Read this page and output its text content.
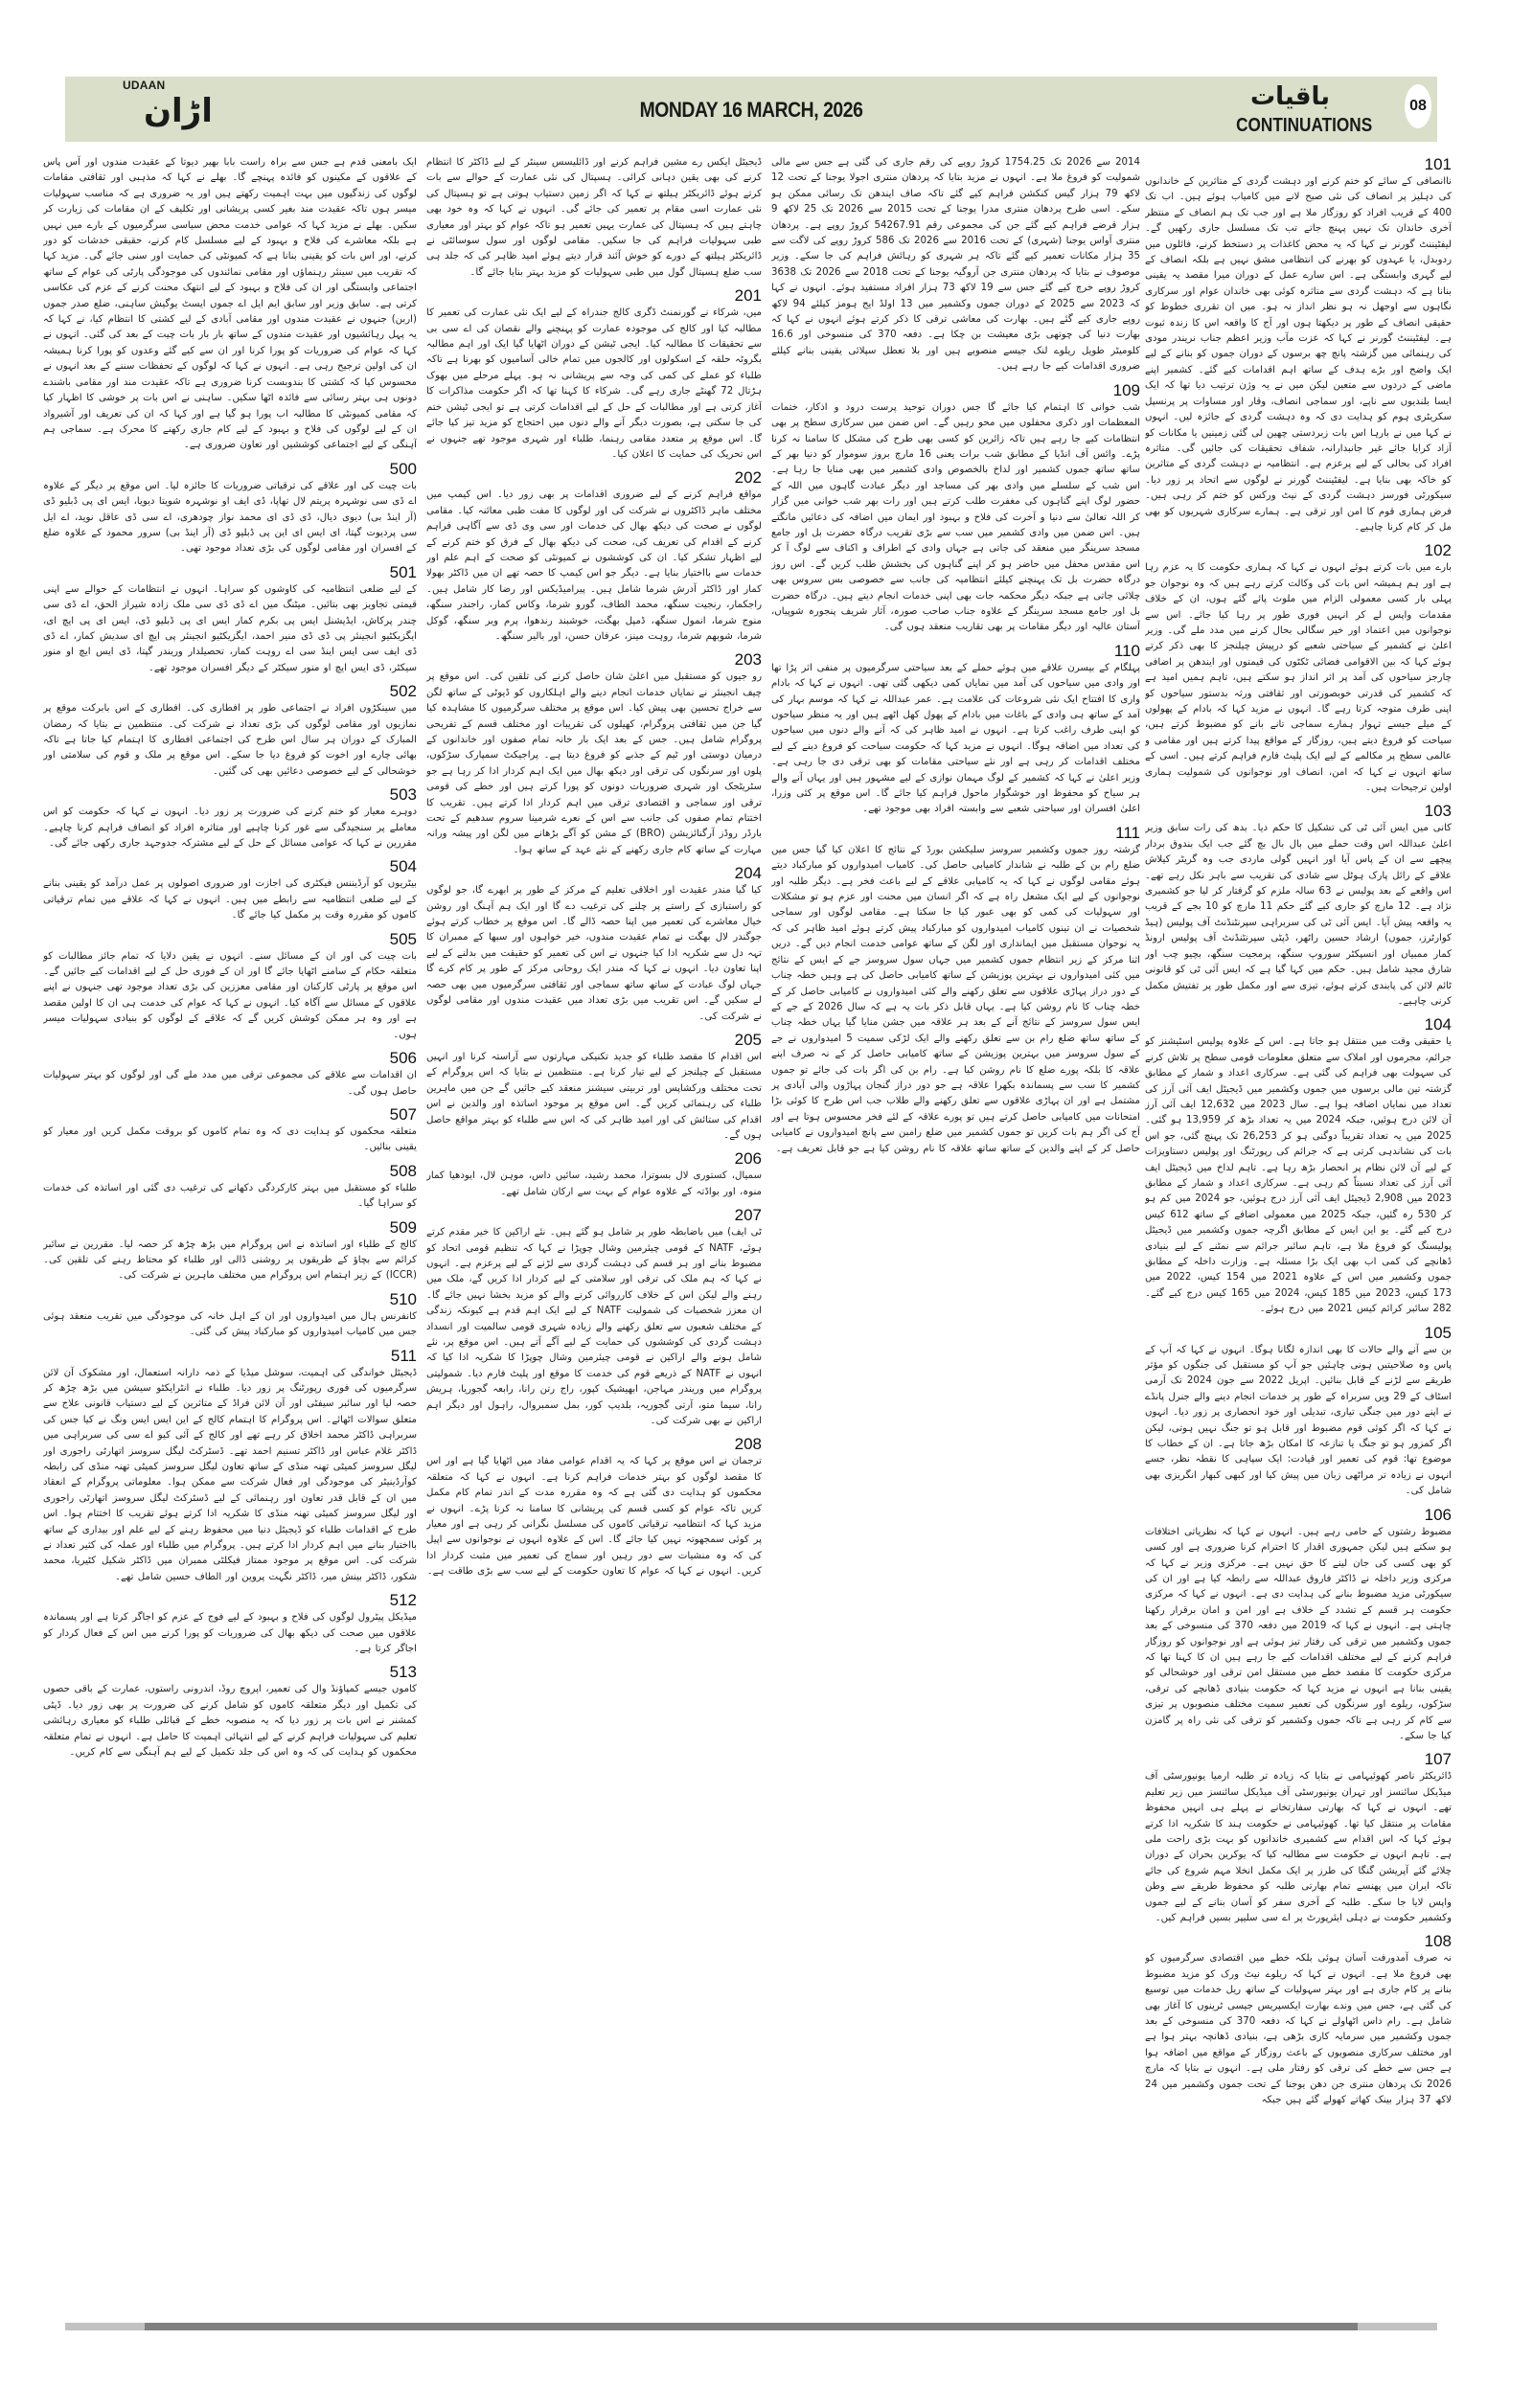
UDAAN
اڑان	MONDAY 16 MARCH, 2026	باقیات
CONTINUATIONS
08

ایک بامعنی قدم ہے جس سے براہ راست بابا بھیر دیوتا کے عقیدت مندوں اور آس پاس کے علاقوں کے مکینوں کو فائدہ پہنچے گا۔ بھلے نے کہا کہ مذہبی اور ثقافتی مقامات لوگوں کی زندگیوں میں بہت اہمیت رکھتے ہیں اور یہ ضروری ہے کہ مناسب سہولیات میسر ہوں تاکہ عقیدت مند بغیر کسی پریشانی اور تکلیف کے ان مقامات کی زیارت کر سکیں۔ بھلے نے مزید کہا کہ عوامی خدمت محض سیاسی سرگرمیوں کے بارے میں نہیں ہے بلکہ معاشرے کی فلاح و بہبود کے لیے مسلسل کام کرنے، حقیقی خدشات کو دور کرنے، اور اس بات کو یقینی بنانا ہے کہ کمیونٹی کی حمایت اور سنی جائے گی۔ مزید کہا کہ تقریب میں سینئر رہنماؤں اور مقامی نمائندوں کی موجودگی پارٹی کی عوام کے ساتھ اجتماعی وابستگی اور ان کی فلاح و بہبود کے لیے انتھک محنت کرنے کے عزم کی عکاسی کرتی ہے۔ سابق وزیر اور سابق ایم ایل اے جموں ایسٹ یوگیش ساہنی، ضلع صدر جموں (اربن) جنہوں نے عقیدت مندوں اور مقامی آبادی کے لیے کشتی کا انتظام کیا، نے کہا کہ یہ پہل رہائشیوں اور عقیدت مندوں کے ساتھ بار بار بات چیت کے بعد کی گئی۔ انہوں نے کہا کہ عوام کی ضروریات کو پورا کرنا اور ان سے کیے گئے وعدوں کو پورا کرنا ہمیشہ ان کی اولین ترجیح رہی ہے۔ انہوں نے کہا کہ لوگوں کے تحفظات سننے کے بعد انہوں نے محسوس کیا کہ کشتی کا بندوبست کرنا ضروری ہے تاکہ عقیدت مند اور مقامی باشندے دونوں ہی بہتر رسائی سے فائدہ اٹھا سکیں۔ ساہنی نے اس بات پر خوشی کا اظہار کیا کہ مقامی کمیونٹی کا مطالبہ اب پورا ہو گیا ہے اور کہا کہ ان کی تعریف اور آشیرواد ان کے لیے لوگوں کی فلاح و بہبود کے لیے کام جاری رکھنے کا محرک ہے۔ سماجی ہم آہنگی کے لیے اجتماعی کوششیں اور تعاون ضروری ہے۔

500

بات چیت کی اور علاقے کی ترقیاتی ضروریات کا جائزہ لیا۔ اس موقع پر دیگر کے علاوہ اے ڈی سی نوشہرہ پریتم لال تھاپا، ڈی ایف او نوشہرہ شویتا دیویا، ایس ای پی ڈبلیو ڈی (آر اینڈ بی) دیوی دیال، ڈی ڈی ای محمد نواز چودھری، اے سی ڈی عاقل نوید، اے ایل سی پردیوت گپتا، ای ایس ای این پی ڈبلیو ڈی (آر اینڈ بی) سرور محمود کے علاوہ ضلع کے افسران اور مقامی لوگوں کی بڑی تعداد موجود تھی۔

501

کے لیے ضلعی انتظامیہ کی کاوشوں کو سراہا۔ انہوں نے انتظامات کے حوالے سے اپنی قیمتی تجاویز بھی بتائیں۔ میٹنگ میں اے ڈی ڈی سی ملک زادہ شیراز الحق، اے ڈی سی چندر پرکاش، ایڈیشنل ایس پی بکرم کمار ایس ای پی ڈبلیو ڈی، ایس ای پی ایچ ای، ایگزیکٹیو انجینئر پی ڈی ڈی منیر احمد، ایگزیکٹیو انجینئر پی ایچ ای سدیش کمار، اے ڈی ڈی ایف سی ایس اینڈ سی اے روہت کمار، تحصیلدار وریندر گپتا، ڈی ایس ایچ او منور سیکٹر، ڈی ایس ایچ او منور سیکٹر کے دیگر افسران موجود تھے۔

502

میں سینکڑوں افراد نے اجتماعی طور پر افطاری کی۔ افطاری کے اس بابرکت موقع پر نمازیوں اور مقامی لوگوں کی بڑی تعداد نے شرکت کی۔ منتظمین نے بتایا کہ رمضان المبارک کے دوران ہر سال اس طرح کی اجتماعی افطاری کا اہتمام کیا جاتا ہے تاکہ بھائی چارے اور اخوت کو فروغ دیا جا سکے۔ اس موقع پر ملک و قوم کی سلامتی اور خوشحالی کے لیے خصوصی دعائیں بھی کی گئیں۔

503

دوہرے معیار کو ختم کرنے کی ضرورت پر زور دیا۔ انہوں نے کہا کہ حکومت کو اس معاملے پر سنجیدگی سے غور کرنا چاہیے اور متاثرہ افراد کو انصاف فراہم کرنا چاہیے۔ مقررین نے کہا کہ عوامی مسائل کے حل کے لیے مشترکہ جدوجہد جاری رکھی جائے گی۔

504

بیٹریوں کو آرڈیننس فیکٹری کی اجازت اور ضروری اصولوں پر عمل درآمد کو یقینی بنانے کے لیے ضلعی انتظامیہ سے رابطے میں ہیں۔ انہوں نے کہا کہ علاقے میں تمام ترقیاتی کاموں کو مقررہ وقت پر مکمل کیا جائے گا۔

505

بات چیت کی اور ان کے مسائل سنے۔ انہوں نے یقین دلایا کہ تمام جائز مطالبات کو متعلقہ حکام کے سامنے اٹھایا جائے گا اور ان کے فوری حل کے لیے اقدامات کیے جائیں گے۔ اس موقع پر پارٹی کارکنان اور مقامی معززین کی بڑی تعداد موجود تھی جنہوں نے اپنے علاقوں کے مسائل سے آگاہ کیا۔ انہوں نے کہا کہ عوام کی خدمت ہی ان کا اولین مقصد ہے اور وہ ہر ممکن کوشش کریں گے کہ علاقے کے لوگوں کو بنیادی سہولیات میسر ہوں۔

506

ان اقدامات سے علاقے کی مجموعی ترقی میں مدد ملے گی اور لوگوں کو بہتر سہولیات حاصل ہوں گی۔

507

متعلقہ محکموں کو ہدایت دی کہ وہ تمام کاموں کو بروقت مکمل کریں اور معیار کو یقینی بنائیں۔

508

طلباء کو مستقبل میں بہتر کارکردگی دکھانے کی ترغیب دی گئی اور اساتذہ کی خدمات کو سراہا گیا۔

509

کالج کے طلباء اور اساتذہ نے اس پروگرام میں بڑھ چڑھ کر حصہ لیا۔ مقررین نے سائبر کرائم سے بچاؤ کے طریقوں پر روشنی ڈالی اور طلباء کو محتاط رہنے کی تلقین کی۔ (ICCR) کے زیر اہتمام اس پروگرام میں مختلف ماہرین نے شرکت کی۔

510

کانفرنس ہال میں امیدواروں اور ان کے اہل خانہ کی موجودگی میں تقریب منعقد ہوئی جس میں کامیاب امیدواروں کو مبارکباد پیش کی گئی۔

511

ڈیجیٹل خواندگی کی اہمیت، سوشل میڈیا کے ذمہ دارانہ استعمال، اور مشکوک آن لائن سرگرمیوں کی فوری رپورٹنگ پر زور دیا۔ طلباء نے انٹرایکٹو سیشن میں بڑھ چڑھ کر حصہ لیا اور سائبر سیفٹی اور آن لائن فراڈ کے متاثرین کے لیے دستیاب قانونی علاج سے متعلق سوالات اٹھائے۔ اس پروگرام کا اہتمام کالج کے این ایس ایس ونگ نے کیا جس کی سربراہی ڈاکٹر محمد اخلاق کر رہے تھے اور کالج کے آئی کیو اے سی کی سربراہی میں ڈاکٹر غلام عباس اور ڈاکٹر تسنیم احمد تھے۔ ڈسٹرکٹ لیگل سروسز اتھارٹی راجوری اور لیگل سروسز کمیٹی تھنہ منڈی کے ساتھ تعاون لیگل سروسز کمیٹی تھنہ منڈی کی رابطہ کوآرڈینیٹر کی موجودگی اور فعال شرکت سے ممکن ہوا۔ معلوماتی پروگرام کے انعقاد میں ان کے قابل قدر تعاون اور رہنمائی کے لیے ڈسٹرکٹ لیگل سروسز اتھارٹی راجوری اور لیگل سروسز کمیٹی تھنہ منڈی کا شکریہ ادا کرتے ہوئے تقریب کا اختتام ہوا۔ اس طرح کے اقدامات طلباء کو ڈیجیٹل دنیا میں محفوظ رہنے کے لیے علم اور بیداری کے ساتھ بااختیار بنانے میں اہم کردار ادا کرتے ہیں۔ پروگرام میں طلباء اور عملہ کی کثیر تعداد نے شرکت کی۔ اس موقع پر موجود ممتاز فیکلٹی ممبران میں ڈاکٹر شکیل کٹیریا، محمد شکور، ڈاکٹر بینش میر، ڈاکٹر نگہت پروین اور الطاف حسین شامل تھے۔

512

میڈیکل پیٹرول لوگوں کی فلاح و بہبود کے لیے فوج کے عزم کو اجاگر کرتا ہے اور پسماندہ علاقوں میں صحت کی دیکھ بھال کی ضروریات کو پورا کرنے میں اس کے فعال کردار کو اجاگر کرتا ہے۔

513

کاموں جیسے کمپاؤنڈ وال کی تعمیر، اپروچ روڈ، اندرونی راستوں، عمارت کے باقی حصوں کی تکمیل اور دیگر متعلقہ کاموں کو شامل کرنے کی ضرورت پر بھی زور دیا۔ ڈپٹی کمشنر نے اس بات پر زور دیا کہ یہ منصوبہ خطے کے قبائلی طلباء کو معیاری رہائشی تعلیم کی سہولیات فراہم کرنے کے لیے انتہائی اہمیت کا حامل ہے۔ انہوں نے تمام متعلقہ محکموں کو ہدایت کی کہ وہ اس کی جلد تکمیل کے لیے ہم آہنگی سے کام کریں۔

ڈیجیٹل ایکس رے مشین فراہم کرنے اور ڈائلیسس سینٹر کے لیے ڈاکٹر کا انتظام کرنے کی بھی یقین دہانی کرائی۔ ہسپتال کی نئی عمارت کے حوالے سے بات کرتے ہوئے ڈائریکٹر ہیلتھ نے کہا کہ اگر زمین دستیاب ہوتی ہے تو ہسپتال کی نئی عمارت اسی مقام پر تعمیر کی جائے گی۔ انہوں نے کہا کہ وہ خود بھی چاہتے ہیں کہ ہسپتال کی عمارت یہیں تعمیر ہو تاکہ عوام کو بہتر اور معیاری طبی سہولیات فراہم کی جا سکیں۔ مقامی لوگوں اور سول سوسائٹی نے ڈائریکٹر ہیلتھ کے دورے کو خوش آئند قرار دیتے ہوئے امید ظاہر کی کہ جلد ہی سب ضلع ہسپتال گول میں طبی سہولیات کو مزید بہتر بنایا جائے گا۔

201

میں، شرکاء نے گورنمنٹ ڈگری کالج جندراہ کے لیے ایک نئی عمارت کی تعمیر کا مطالبہ کیا اور کالج کی موجودہ عمارت کو پہنچنے والے نقصان کی اے سی بی سے تحقیقات کا مطالبہ کیا۔ ایجی ٹیشن کے دوران اٹھایا گیا ایک اور اہم مطالبہ بگروٹہ حلقہ کے اسکولوں اور کالجوں میں تمام خالی آسامیوں کو بھرنا ہے تاکہ طلباء کو عملے کی کمی کی وجہ سے پریشانی نہ ہو۔ پہلے مرحلے میں بھوک ہڑتال 72 گھنٹے جاری رہے گی۔ شرکاء کا کہنا تھا کہ اگر حکومت مذاکرات کا آغاز کرتی ہے اور مطالبات کے حل کے لیے اقدامات کرتی ہے تو ایجی ٹیشن ختم کی جا سکتی ہے، بصورت دیگر آنے والے دنوں میں احتجاج کو مزید تیز کیا جائے گا۔ اس موقع پر متعدد مقامی رہنما، طلباء اور شہری موجود تھے جنہوں نے اس تحریک کی حمایت کا اعلان کیا۔

202

مواقع فراہم کرنے کے لیے ضروری اقدامات پر بھی زور دیا۔ اس کیمپ میں مختلف ماہر ڈاکٹروں نے شرکت کی اور لوگوں کا مفت طبی معائنہ کیا۔ مقامی لوگوں نے صحت کی دیکھ بھال کی خدمات اور سی وی ڈی سے آگاہی فراہم کرنے کے اقدام کی تعریف کی، صحت کی دیکھ بھال کے فرق کو ختم کرنے کے لیے اظہار تشکر کیا۔ ان کی کوششوں نے کمیونٹی کو صحت کے اہم علم اور خدمات سے بااختیار بنایا ہے۔ دیگر جو اس کیمپ کا حصہ تھے ان میں ڈاکٹر بھولا کمار اور ڈاکٹر آدرش شرما شامل ہیں۔ پیرامیڈیکس اور رضا کار شامل ہیں۔ راجکمار، رنجیت سنگھ، محمد الطاف، گورو شرما، وکاس کمار، راجندر سنگھ، منوج شرما، انمول سنگھ، ڈمپل بھگت، خوشبند رندھوا، پرم ویر سنگھ، گوکل شرما، شوبھم شرما، روہت مینز، عرفان حسن، اور بالیر سنگھ۔

203

رو جیوں کو مستقبل میں اعلیٰ شان حاصل کرنے کی تلقین کی۔ اس موقع پر چیف انجینئر نے نمایاں خدمات انجام دینے والے اہلکاروں کو ڈیوٹی کے ساتھ لگن سے خراج تحسین بھی پیش کیا۔ اس موقع پر مختلف سرگرمیوں کا مشاہدہ کیا گیا جن میں ثقافتی پروگرام، کھیلوں کی تقریبات اور مختلف قسم کے تفریحی پروگرام شامل ہیں۔ جس کے بعد ایک بار خانہ تمام صفوں اور خاندانوں کے درمیان دوستی اور ٹیم کے جذبے کو فروغ دیتا ہے۔ پراجیکٹ سمپارک سڑکوں، پلوں اور سرنگوں کی ترقی اور دیکھ بھال میں ایک اہم کردار ادا کر رہا ہے جو سٹریٹجک اور شہری ضروریات دونوں کو پورا کرتے ہیں اور خطے کی قومی ترقی اور سماجی و اقتصادی ترقی میں اہم کردار ادا کرتے ہیں۔ تقریب کا اختتام تمام صفوں کی جانب سے اس کے نعرے شرمینا سروم سدھیم کے تحت بارڈر روڈز آرگنائزیشن (BRO) کے مشن کو آگے بڑھانے میں لگن اور پیشہ ورانہ مہارت کے ساتھ کام جاری رکھنے کے نئے عہد کے ساتھ ہوا۔

204

کیا گیا مندر عقیدت اور اخلاقی تعلیم کے مرکز کے طور پر ابھرے گا، جو لوگوں کو راستبازی کے راستے پر چلنے کی ترغیب دے گا اور ایک ہم آہنگ اور روشن خیال معاشرے کی تعمیر میں اپنا حصہ ڈالے گا۔ اس موقع پر خطاب کرتے ہوئے جوگندر لال بھگت نے تمام عقیدت مندوں، خیر خواہوں اور سبھا کے ممبران کا تہہ دل سے شکریہ ادا کیا جنہوں نے اس کی تعمیر کو حقیقت میں بدلنے کے لیے اپنا تعاون دیا۔ انہوں نے کہا کہ مندر ایک روحانی مرکز کے طور پر کام کرے گا جہاں لوگ عبادت کے ساتھ ساتھ سماجی اور ثقافتی سرگرمیوں میں بھی حصہ لے سکیں گے۔ اس تقریب میں بڑی تعداد میں عقیدت مندوں اور مقامی لوگوں نے شرکت کی۔

205

اس اقدام کا مقصد طلباء کو جدید تکنیکی مہارتوں سے آراستہ کرنا اور انہیں مستقبل کے چیلنجز کے لیے تیار کرنا ہے۔ منتظمین نے بتایا کہ اس پروگرام کے تحت مختلف ورکشاپس اور تربیتی سیشنز منعقد کیے جائیں گے جن میں ماہرین طلباء کی رہنمائی کریں گے۔ اس موقع پر موجود اساتذہ اور والدین نے اس اقدام کی ستائش کی اور امید ظاہر کی کہ اس سے طلباء کو بہتر مواقع حاصل ہوں گے۔

206

سمیال، کستوری لال بسوترا، محمد رشید، سائیں داس، موہن لال، ایودھیا کمار منوہ، اور بواڈتہ کے علاوہ عوام کے بہت سے ارکان شامل تھے۔

207

ٹی ایف) میں باضابطہ طور پر شامل ہو گئے ہیں۔ نئے اراکین کا خیر مقدم کرتے ہوئے، NATF کے قومی چیئرمین وشال چوپڑا نے کہا کہ تنظیم قومی اتحاد کو مضبوط بنانے اور ہر قسم کی دہشت گردی سے لڑنے کے لیے پرعزم ہے۔ انہوں نے کہا کہ ہم ملک کی ترقی اور سلامتی کے لیے کردار ادا کریں گے، ملک میں رہنے والے لیکن اس کے خلاف کارروائی کرنے والے کو مزید بخشا نہیں جائے گا۔ ان معزز شخصیات کی شمولیت NATF کے لیے ایک اہم قدم ہے کیونکہ زندگی کے مختلف شعبوں سے تعلق رکھنے والے زیادہ شہری قومی سالمیت اور انسداد دہشت گردی کی کوششوں کی حمایت کے لیے آگے آتے ہیں۔ اس موقع پر، نئے شامل ہونے والے اراکین نے قومی چیئرمین وشال چوپڑا کا شکریہ ادا کیا کہ انہوں نے NATF کے ذریعے قوم کی خدمت کا موقع اور پلیٹ فارم دیا۔ شمولیتی پروگرام میں وریندر مہاجن، ابھیشیک کپور، راج رتن رانا، رابعہ گجوریا، ہریش رانا، سیما متو، آرتی گجوریہ، بلدیپ کور، بمل سمبروال، راہول اور دیگر اہم اراکین نے بھی شرکت کی۔

208

ترجمان نے اس موقع پر کہا کہ یہ اقدام عوامی مفاد میں اٹھایا گیا ہے اور اس کا مقصد لوگوں کو بہتر خدمات فراہم کرنا ہے۔ انہوں نے کہا کہ متعلقہ محکموں کو ہدایت دی گئی ہے کہ وہ مقررہ مدت کے اندر تمام کام مکمل کریں تاکہ عوام کو کسی قسم کی پریشانی کا سامنا نہ کرنا پڑے۔ انہوں نے مزید کہا کہ انتظامیہ ترقیاتی کاموں کی مسلسل نگرانی کر رہی ہے اور معیار پر کوئی سمجھوتہ نہیں کیا جائے گا۔ اس کے علاوہ انہوں نے نوجوانوں سے اپیل کی کہ وہ منشیات سے دور رہیں اور سماج کی تعمیر میں مثبت کردار ادا کریں۔ انہوں نے کہا کہ عوام کا تعاون حکومت کے لیے سب سے بڑی طاقت ہے۔

2014 سے 2026 تک 1754.25 کروڑ روپے کی رقم جاری کی گئی ہے جس سے مالی شمولیت کو فروغ ملا ہے۔ انہوں نے مزید بتایا کہ پردھان منتری اجولا یوجنا کے تحت 12 لاکھ 79 ہزار گیس کنکشن فراہم کیے گئے تاکہ صاف ایندھن تک رسائی ممکن ہو سکے۔ اسی طرح پردھان منتری مدرا یوجنا کے تحت 2015 سے 2026 تک 25 لاکھ 9 ہزار قرضے فراہم کیے گئے جن کی مجموعی رقم 54267.91 کروڑ روپے ہے۔ پردھان منتری آواس یوجنا (شہری) کے تحت 2016 سے 2026 تک 586 کروڑ روپے کی لاگت سے 35 ہزار مکانات تعمیر کیے گئے تاکہ ہر شہری کو رہائش فراہم کی جا سکے۔ وزیر موصوف نے بتایا کہ پردھان منتری جن آروگیہ یوجنا کے تحت 2018 سے 2026 تک 3638 کروڑ روپے خرچ کیے گئے جس سے 19 لاکھ 73 ہزار افراد مستفید ہوئے۔ انہوں نے کہا کہ 2023 سے 2025 کے دوران جموں وکشمیر میں 13 اولڈ ایج ہومز کیلئے 94 لاکھ روپے جاری کیے گئے ہیں۔ بھارت کی معاشی ترقی کا ذکر کرتے ہوئے انہوں نے کہا کہ بھارت دنیا کی چوتھی بڑی معیشت بن چکا ہے۔ دفعہ 370 کی منسوخی اور 16.6 کلومیٹر طویل ریلوے لنک جیسے منصوبے ہیں اور بلا تعطل سپلائی یقینی بنانے کیلئے ضروری اقدامات کیے جا رہے ہیں۔

109

شب خوانی کا اہتمام کیا جائے گا جس دوران توحید پرست درود و اذکار، ختمات المعظمات اور ذکری محفلوں میں محو رہیں گے۔ اس ضمن میں سرکاری سطح پر بھی انتظامات کیے جا رہے ہیں تاکہ زائرین کو کسی بھی طرح کی مشکل کا سامنا نہ کرنا پڑے۔ وائس آف انڈیا کے مطابق شب برات یعنی 16 مارچ بروز سوموار کو دنیا بھر کے ساتھ ساتھ جموں کشمیر اور لداخ بالخصوص وادی کشمیر میں بھی منایا جا رہا ہے۔ اس شب کے سلسلے میں وادی بھر کی مساجد اور دیگر عبادت گاہوں میں اللہ کے حضور لوگ اپنے گناہوں کی مغفرت طلب کرتے ہیں اور رات بھر شب خوانی میں گزار کر اللہ تعالیٰ سے دنیا و آخرت کی فلاح و بہبود اور ایمان میں اضافہ کی دعائیں مانگتے ہیں۔ اس ضمن میں وادی کشمیر میں سب سے بڑی تقریب درگاہ حضرت بل اور جامع مسجد سرینگر میں منعقد کی جاتی ہے جہاں وادی کے اطراف و اکناف سے لوگ آ کر اس مقدس محفل میں حاضر ہو کر اپنے گناہوں کی بخشش طلب کریں گے۔ اس روز درگاہ حضرت بل تک پہنچنے کیلئے انتظامیہ کی جانب سے خصوصی بس سروس بھی چلائی جاتی ہے جبکہ دیگر محکمہ جات بھی اپنی خدمات انجام دیتے ہیں۔ درگاہ حضرت بل اور جامع مسجد سرینگر کے علاوہ جناب صاحب صورہ، آثار شریف پنجورہ شوپیاں، آستان عالیہ اور دیگر مقامات پر بھی تقاریب منعقد ہوں گی۔

110

پہلگام کے بیسرن علاقے میں ہوئے حملے کے بعد سیاحتی سرگرمیوں پر منفی اثر پڑا تھا اور وادی میں سیاحوں کی آمد میں نمایاں کمی دیکھی گئی تھی۔ انہوں نے کہا کہ بادام واری کا افتتاح ایک نئی شروعات کی علامت ہے۔ عمر عبداللہ نے کہا کہ موسم بہار کی آمد کے ساتھ ہی وادی کے باغات میں بادام کے پھول کھل اٹھے ہیں اور یہ منظر سیاحوں کو اپنی طرف راغب کرتا ہے۔ انہوں نے امید ظاہر کی کہ آنے والے دنوں میں سیاحوں کی تعداد میں اضافہ ہوگا۔ انہوں نے مزید کہا کہ حکومت سیاحت کو فروغ دینے کے لیے مختلف اقدامات کر رہی ہے اور نئے سیاحتی مقامات کو بھی ترقی دی جا رہی ہے۔ وزیر اعلیٰ نے کہا کہ کشمیر کے لوگ مہمان نوازی کے لیے مشہور ہیں اور یہاں آنے والے ہر سیاح کو محفوظ اور خوشگوار ماحول فراہم کیا جائے گا۔ اس موقع پر کئی وزرا، اعلیٰ افسران اور سیاحتی شعبے سے وابستہ افراد بھی موجود تھے۔

111

گزشتہ روز جموں وکشمیر سروسز سلیکشن بورڈ کے نتائج کا اعلان کیا گیا جس میں ضلع رام بن کے طلبہ نے شاندار کامیابی حاصل کی۔ کامیاب امیدواروں کو مبارکباد دیتے ہوئے مقامی لوگوں نے کہا کہ یہ کامیابی علاقے کے لیے باعث فخر ہے۔ دیگر طلبہ اور نوجوانوں کے لیے ایک مشعل راہ ہے کہ اگر انسان میں محنت اور عزم ہو تو مشکلات اور سہولیات کی کمی کو بھی عبور کیا جا سکتا ہے۔ مقامی لوگوں اور سماجی شخصیات نے ان تینوں کامیاب امیدواروں کو مبارکباد پیش کرتے ہوئے امید ظاہر کی کہ یہ نوجوان مستقبل میں ایمانداری اور لگن کے ساتھ عوامی خدمت انجام دیں گے۔ دریں اثنا مرکز کے زیر انتظام جموں کشمیر میں جہاں سول سروسز جے کے ایس کے نتائج میں کئی امیدواروں نے بہترین پوزیشن کے ساتھ کامیابی حاصل کی ہے وہیں خطہ چناب کے دور دراز پہاڑی علاقوں سے تعلق رکھنے والے کئی امیدواروں نے کامیابی حاصل کر کے خطہ چناب کا نام روشن کیا ہے۔ یہاں قابل ذکر بات یہ ہے کہ سال 2026 کے جے کے ایس سول سروسز کے نتائج آنے کے بعد ہر علاقہ میں جشن منایا گیا یہاں خطہ چناب کے ساتھ ساتھ ضلع رام بن سے تعلق رکھنے والے ایک لڑکی سمیت 5 امیدواروں نے جے کے سول سروسز میں بہترین پوزیشن کے ساتھ کامیابی حاصل کر کے نہ صرف اپنے علاقہ کا بلکہ پورے ضلع کا نام روشن کیا ہے۔ رام بن کی اگر بات کی جائے تو جموں کشمیر کا سب سے پسماندہ بکھرا علاقہ ہے جو دور دراز گنجان پہاڑوں والی آبادی پر مشتمل ہے اور ان پہاڑی علاقوں سے تعلق رکھنے والے طلاب جب اس طرح کا کوئی بڑا امتحانات میں کامیابی حاصل کرتے ہیں تو پورے علاقہ کے لئے فخر محسوس ہوتا ہے اور آج کی اگر ہم بات کریں تو جموں کشمیر میں ضلع رامبن سے پانچ امیدواروں نے کامیابی حاصل کر کے اپنے والدین کے ساتھ ساتھ علاقہ کا نام روشن کیا ہے جو قابل تعریف ہے۔

101

ناانصافی کے سائے کو ختم کرنے اور دہشت گردی کے متاثرین کے خاندانوں کی دہلیز پر انصاف کی نئی صبح لانے میں کامیاب ہوئے ہیں۔ اب تک 400 کے قریب افراد کو روزگار ملا ہے اور جب تک ہم انصاف کے منتظر آخری خاندان تک نہیں پہنچ جاتے تب تک مسلسل جاری رکھیں گے۔ لیفٹیننٹ گورنر نے کہا کہ یہ محض کاغذات پر دستخط کرنے، فائلوں میں ردوبدل، یا عہدوں کو بھرنے کی انتظامی مشق نہیں ہے بلکہ انصاف کے لیے گہری وابستگی ہے۔ اس سارے عمل کے دوران میرا مقصد یہ یقینی بنانا ہے کہ دہشت گردی سے متاثرہ کوئی بھی خاندان عوام اور سرکاری نگاہوں سے اوجھل نہ ہو نظر انداز نہ ہو۔ میں ان تقرری خطوط کو حقیقی انصاف کے طور پر دیکھتا ہوں اور آج کا واقعہ اس کا زندہ ثبوت ہے۔ لیفٹیننٹ گورنر نے کہا کہ عزت مآب وزیر اعظم جناب نریندر مودی کی رہنمائی میں گزشتہ پانچ چھ برسوں کے دوران جموں کو بنانے کے لیے ایک واضح اور بڑے ہدف کے ساتھ اہم اقدامات کیے گئے۔ کشمیر اپنے ماضی کے دردوں سے متعین لیکن میں نے یہ وژن ترتیب دیا تھا کہ ایک ایسا بلندیوں سے ناپے، اور سماجی انصاف، وقار اور مساوات پر پرنسپل سکریٹری ہوم کو ہدایت دی کہ وہ دہشت گردی کے جائزہ لیں۔ انہوں نے کہا میں نے بارہا اس بات زبردستی چھین لی گئی زمینیں یا مکانات کو آزاد کرایا جائے غیر جانبدارانہ، شفاف تحقیقات کی جائیں گی۔ متاثرہ افراد کی بحالی کے لیے پرعزم ہے۔ انتظامیہ نے دہشت گردی کے متاثرین کو خاکہ بھی بنایا ہے۔ لیفٹیننٹ گورنر نے لوگوں سے اتحاد پر زور دیا۔ سیکورٹی فورسز دہشت گردی کے نیٹ ورکس کو ختم کر رہی ہیں۔ فرض ہماری قوم کا امن اور ترقی ہے۔ ہمارے سرکاری شہریوں کو بھی مل کر کام کرنا چاہیے۔

102

بارے میں بات کرتے ہوئے انہوں نے کہا کہ ہماری حکومت کا یہ عزم رہا ہے اور ہم ہمیشہ اس بات کی وکالت کرتے رہے ہیں کہ وہ نوجوان جو پہلی بار کسی معمولی الزام میں ملوث پائے گئے ہوں، ان کے خلاف مقدمات واپس لے کر انہیں فوری طور پر رہا کیا جائے۔ اس سے نوجوانوں میں اعتماد اور خیر سگالی بحال کرنے میں مدد ملے گی۔ وزیر اعلیٰ نے کشمیر کے سیاحتی شعبے کو درپیش چیلنجز کا بھی ذکر کرتے ہوئے کہا کہ بین الاقوامی فضائی ٹکٹوں کی قیمتوں اور ایندھن پر اضافی چارجز سیاحوں کی آمد پر اثر انداز ہو سکتے ہیں، تاہم ہمیں امید ہے کہ کشمیر کی قدرتی خوبصورتی اور ثقافتی ورثہ بدستور سیاحوں کو اپنی طرف متوجہ کرتا رہے گا۔ انہوں نے مزید کہا کہ بادام کے پھولوں کے میلے جیسے تہوار ہمارے سماجی تانے بانے کو مضبوط کرتے ہیں، سیاحت کو فروغ دیتے ہیں، روزگار کے مواقع پیدا کرتے ہیں اور مقامی و عالمی سطح پر مکالمے کے لیے ایک پلیٹ فارم فراہم کرتے ہیں۔ اسی کے ساتھ انہوں نے کہا کہ امن، انصاف اور نوجوانوں کی شمولیت ہماری اولین ترجیحات ہیں۔

103

کانی میں ایس آئی ٹی کی تشکیل کا حکم دیا۔ بدھ کی رات سابق وزیر اعلیٰ عبداللہ اس وقت حملے میں بال بال بچ گئے جب ایک بندوق بردار پیچھے سے ان کے پاس آیا اور انہیں گولی ماردی جب وہ گریٹر کیلاش علاقے کے رائل پارک ہوٹل سے شادی کی تقریب سے باہر نکل رہے تھے۔ اس واقعے کے بعد پولیس نے 63 سالہ ملزم کو گرفتار کر لیا جو کشمیری نژاد ہے۔ 12 مارچ کو جاری کیے گئے حکم 11 مارچ کو 10 بجے کے قریب یہ واقعہ پیش آیا۔ ایس آئی ٹی کی سربراہی سپرنٹنڈنٹ آف پولیس (ہیڈ کوارٹرز، جموں) ارشاد حسین راٹھر، ڈپٹی سپرنٹنڈنٹ آف پولیس ارونڈ کمار ممبیاں اور انسپکٹر سوروپ سنگھ، پرمجیت سنگھ، بچیو چب اور شارق مجید شامل ہیں۔ حکم میں کہا گیا ہے کہ ایس آئی ٹی کو قانونی ٹائم لائن کی پابندی کرتے ہوئے، تیزی سے اور مکمل طور پر تفتیش مکمل کرنی چاہیے۔

104

یا حقیقی وقت میں منتقل ہو جاتا ہے۔ اس کے علاوہ پولیس اسٹیشنز کو جرائم، مجرموں اور املاک سے متعلق معلومات قومی سطح پر تلاش کرنے کی سہولت بھی فراہم کی گئی ہے۔ سرکاری اعداد و شمار کے مطابق گزشتہ تین مالی برسوں میں جموں وکشمیر میں ڈیجیٹل ایف آئی آرز کی تعداد میں نمایاں اضافہ ہوا ہے۔ سال 2023 میں 12,632 ایف آئی آرز آن لائن درج ہوئیں، جبکہ 2024 میں یہ تعداد بڑھ کر 13,959 ہو گئی۔ 2025 میں یہ تعداد تقریباً دوگنی ہو کر 26,253 تک پہنچ گئی، جو اس بات کی نشاندہی کرتی ہے کہ جرائم کی رپورٹنگ اور پولیس دستاویزات کے لیے آن لائن نظام پر انحصار بڑھ رہا ہے۔ تاہم لداخ میں ڈیجیٹل ایف آئی آرز کی تعداد نسبتاً کم رہی ہے۔ سرکاری اعداد و شمار کے مطابق 2023 میں 2,908 ڈیجیٹل ایف آئی آرز درج ہوئیں، جو 2024 میں کم ہو کر 530 رہ گئیں، جبکہ 2025 میں معمولی اضافے کے ساتھ 612 کیس درج کیے گئے۔ یو این ایس کے مطابق اگرچہ جموں وکشمیر میں ڈیجیٹل پولیسنگ کو فروغ ملا ہے، تاہم سائبر جرائم سے نمٹنے کے لیے بنیادی ڈھانچے کی کمی اب بھی ایک بڑا مسئلہ ہے۔ وزارت داخلہ کے مطابق جموں وکشمیر میں اس کے علاوہ 2021 میں 154 کیس، 2022 میں 173 کیس، 2023 میں 185 کیس، 2024 میں 165 کیس درج کیے گئے۔ 282 سائبر کرائم کیس 2021 میں درج ہوئے۔

105

بن سے آنے والے حالات کا بھی اندازہ لگانا ہوگا۔ انہوں نے کہا کہ آپ کے پاس وہ صلاحیتیں ہونی چاہئیں جو آپ کو مستقبل کی جنگوں کو مؤثر طریقے سے لڑنے کے قابل بنائیں۔ اپریل 2022 سے جون 2024 تک آرمی اسٹاف کے 29 ویں سربراہ کے طور پر خدمات انجام دینے والے جنرل پانڈے نے اپنے دور میں جنگی تیاری، تبدیلی اور خود انحصاری پر زور دیا۔ انہوں نے کہا کہ اگر کوئی قوم مضبوط اور قابل ہو تو جنگ نہیں ہوتی، لیکن اگر کمزور ہو تو جنگ یا تنازعہ کا امکان بڑھ جاتا ہے۔ ان کے خطاب کا موضوع تھا: قوم کی تعمیر اور قیادت: ایک سپاہی کا نقطہ نظر، جسے انہوں نے زیادہ تر مراٹھی زبان میں پیش کیا اور کبھی کبھار انگریزی بھی شامل کی۔

106

مضبوط رشتوں کے حامی رہے ہیں۔ انہوں نے کہا کہ نظریاتی اختلافات ہو سکتے ہیں لیکن جمہوری اقدار کا احترام کرنا ضروری ہے اور کسی کو بھی کسی کی جان لینے کا حق نہیں ہے۔ مرکزی وزیر نے کہا کہ مرکزی وزیر داخلہ نے ڈاکٹر فاروق عبداللہ سے رابطہ کیا ہے اور ان کی سیکورٹی مزید مضبوط بنانے کی ہدایت دی ہے۔ انہوں نے کہا کہ مرکزی حکومت ہر قسم کے تشدد کے خلاف ہے اور امن و امان برقرار رکھنا چاہتی ہے۔ انہوں نے کہا کہ 2019 میں دفعہ 370 کی منسوخی کے بعد جموں وکشمیر میں ترقی کی رفتار تیز ہوئی ہے اور نوجوانوں کو روزگار فراہم کرنے کے لیے مختلف اقدامات کیے جا رہے ہیں ان کا کہنا تھا کہ مرکزی حکومت کا مقصد خطے میں مستقل امن ترقی اور خوشحالی کو یقینی بنانا ہے انہوں نے مزید کہا کہ حکومت بنیادی ڈھانچے کی ترقی، سڑکوں، ریلوے اور سرنگوں کی تعمیر سمیت مختلف منصوبوں پر تیزی سے کام کر رہی ہے تاکہ جموں وکشمیر کو ترقی کی نئی راہ پر گامزن کیا جا سکے۔

107

ڈائریکٹر ناصر کھوئیہامی نے بتایا کہ زیادہ تر طلبہ ارمیا یونیورسٹی آف میڈیکل سائنسز اور تہران یونیورسٹی آف میڈیکل سائنسز میں زیر تعلیم تھے۔ انہوں نے کہا کہ بھارتی سفارتخانے نے پہلے ہی انہیں محفوظ مقامات پر منتقل کیا تھا۔ کھوئیہامی نے حکومت ہند کا شکریہ ادا کرتے ہوئے کہا کہ اس اقدام سے کشمیری خاندانوں کو بہت بڑی راحت ملی ہے۔ تاہم انہوں نے حکومت سے مطالبہ کیا کہ یوکرین بحران کے دوران چلائے گئے آپریشن گنگا کی طرز پر ایک مکمل انخلا مہم شروع کی جائے تاکہ ایران میں پھنسے تمام بھارتی طلبہ کو محفوظ طریقے سے وطن واپس لایا جا سکے۔ طلبہ کے آخری سفر کو آسان بنانے کے لیے جموں وکشمیر حکومت نے دہلی ایئرپورٹ پر اے سی سلیپر بسیں فراہم کیں۔

108

نہ صرف آمدورفت آسان ہوئی بلکہ خطے میں اقتصادی سرگرمیوں کو بھی فروغ ملا ہے۔ انہوں نے کہا کہ ریلوے نیٹ ورک کو مزید مضبوط بنانے پر کام جاری ہے اور بہتر سہولیات کے ساتھ ریل خدمات میں توسیع کی گئی ہے، جس میں وندے بھارت ایکسپریس جیسی ٹرینوں کا آغاز بھی شامل ہے۔ رام داس اٹھاولے نے کہا کہ دفعہ 370 کی منسوخی کے بعد جموں وکشمیر میں سرمایہ کاری بڑھی ہے، بنیادی ڈھانچہ بہتر ہوا ہے اور مختلف سرکاری منصوبوں کے باعث روزگار کے مواقع میں اضافہ ہوا ہے جس سے خطے کی ترقی کو رفتار ملی ہے۔ انہوں نے بتایا کہ مارچ 2026 تک پردھان منتری جن دھن یوجنا کے تحت جموں وکشمیر میں 24 لاکھ 37 ہزار بینک کھاتے کھولے گئے ہیں جبکہ
